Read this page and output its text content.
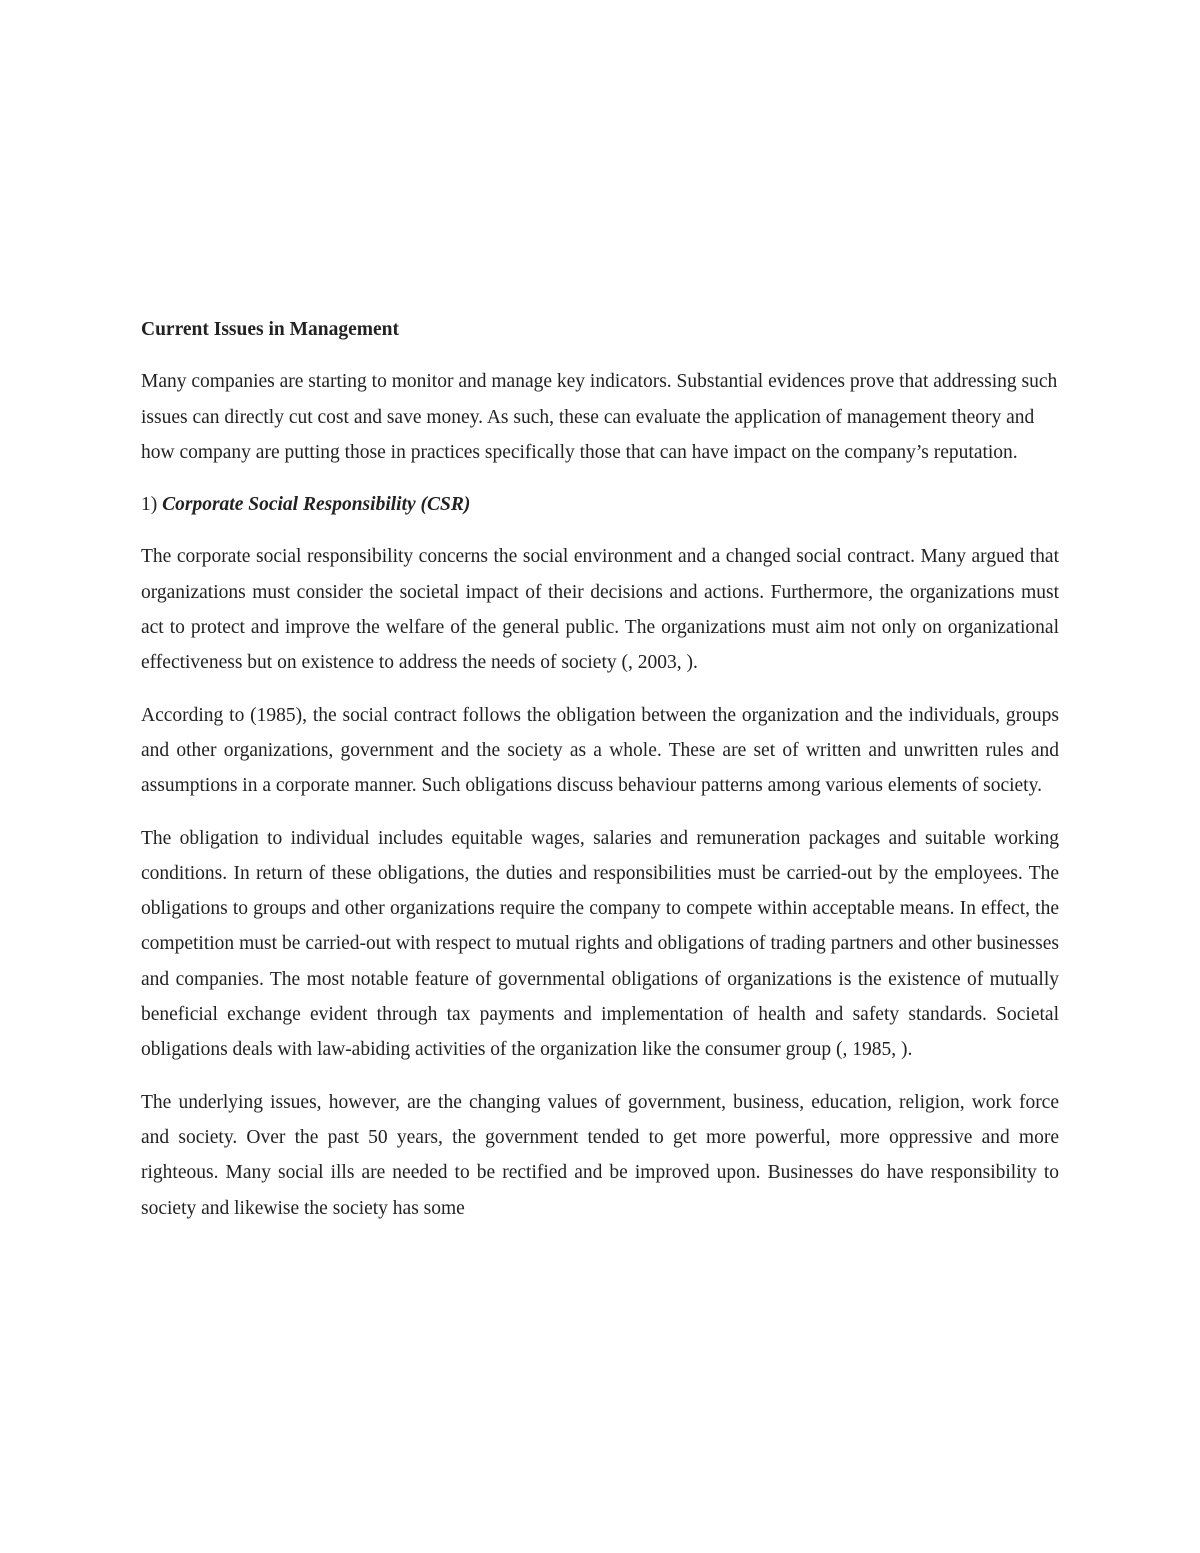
Current Issues in Management

Many companies are starting to monitor and manage key indicators. Substantial evidences prove that addressing such issues can directly cut cost and save money. As such, these can evaluate the application of management theory and how company are putting those in practices specifically those that can have impact on the company’s reputation.

1) Corporate Social Responsibility (CSR)

The corporate social responsibility concerns the social environment and a changed social contract. Many argued that organizations must consider the societal impact of their decisions and actions. Furthermore, the organizations must act to protect and improve the welfare of the general public. The organizations must aim not only on organizational effectiveness but on existence to address the needs of society (, 2003, ).

According to (1985), the social contract follows the obligation between the organization and the individuals, groups and other organizations, government and the society as a whole. These are set of written and unwritten rules and assumptions in a corporate manner. Such obligations discuss behaviour patterns among various elements of society.

The obligation to individual includes equitable wages, salaries and remuneration packages and suitable working conditions. In return of these obligations, the duties and responsibilities must be carried-out by the employees. The obligations to groups and other organizations require the company to compete within acceptable means. In effect, the competition must be carried-out with respect to mutual rights and obligations of trading partners and other businesses and companies. The most notable feature of governmental obligations of organizations is the existence of mutually beneficial exchange evident through tax payments and implementation of health and safety standards. Societal obligations deals with law-abiding activities of the organization like the consumer group (, 1985, ).

The underlying issues, however, are the changing values of government, business, education, religion, work force and society. Over the past 50 years, the government tended to get more powerful, more oppressive and more righteous. Many social ills are needed to be rectified and be improved upon. Businesses do have responsibility to society and likewise the society has some
